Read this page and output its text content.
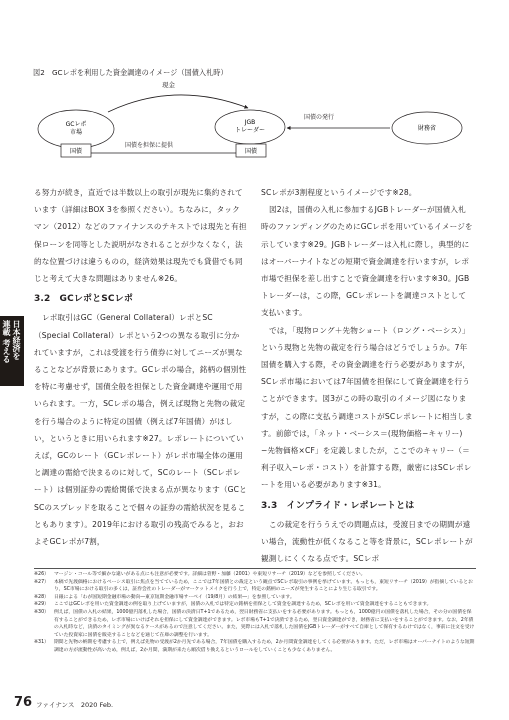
図2　GCレポを利用した資金調達のイメージ（国債入札時）
現金
GCレポ
市場
JGB
トレーダー	財務省
国債の発行
国債を担保に提供
国債	国債

る努力が続き，直近では半数以上の取引が現先に集約されています（詳細はBOX 3を参照ください）。ちなみに，タックマン（2012）などのファイナンスのテキストでは現先と有担保ローンを同等とした説明がなされることが少なくなく，法的な位置づけは違うものの，経済効果は現先でも貸借でも同じと考えて大きな問題はありません※26。

3.2　GCレポとSCレポ

レポ取引はGC（General Collateral）レポとSC（Special Collateral）レポという2つの異なる取引に分かれていますが，これは受渡を行う債券に対してニーズが異なることなどが背景にあります。GCレポの場合，銘柄の個別性を特に考慮せず，国債全般を担保とした資金調達や運用で用いられます。一方，SCレポの場合，例えば現物と先物の裁定を行う場合のように特定の国債（例えば7年国債）がほしい，というときに用いられます※27。レポレートについていえば，GCのレート（GCレポレート）がレポ市場全体の運用と調達の需給で決まるのに対して，SCのレート（SCレポレート）は個別証券の需給関係で決まる点が異なります（GCとSCのスプレッドを取ることで個々の証券の需給状況を見ることもあります）。2019年における取引の残高でみると，おおよそGCレポが7割，

SCレポが3割程度というイメージです※28。

図2は，国債の入札に参加するJGBトレーダーが国債入札時のファンディングのためにGCレポを用いているイメージを示しています※29。JGBトレーダーは入札に際し，典型的にはオーバーナイトなどの短期で資金調達を行いますが，レポ市場で担保を差し出すことで資金調達を行います※30。JGBトレーダーは，この際，GCレポレートを調達コストとして支払います。

では，「現物ロング＋先物ショート（ロング・ベーシス）」という現物と先物の裁定を行う場合はどうでしょうか。7年国債を購入する際，その資金調達を行う必要がありますが，SCレポ市場においては7年国債を担保にして資金調達を行うことができます。図3がこの時の取引のイメージ図になりますが，この際に支払う調達コストがSCレポレートに相当します。前節では，「ネット・ベーシス＝(現物価格−キャリー)−先物価格×CF」を定義しましたが，ここでのキャリー（＝利子収入−レポ・コスト）を計算する際，厳密にはSCレポレートを用いる必要があります※31。

3.3　インプライド・レポレートとは

この裁定を行ううえでの問題点は，受渡日までの期間が遠い場合，流動性が低くなること等を背景に，SCレポレートが観測しにくくなる点です。SCレポ

※26）	マージン・コール等で細かな違いがある点にも注意が必要です。詳細は菅野・加藤（2001）や東短リサーチ（2019）などを参照してください。
※27）	本稿で先渡価格におけるベーシス取引に焦点を当てているため，ここでは7年国債との裁定という観点でSCレポ取引の事例を挙げています。もっとも，東短リサーチ（2019）が指摘しているとおり，SC市場における取引の多くは，証券会社のトレーダーがマーケットメイクを行う上で，特定の銘柄のニーズが発生することにより生じる取引です。
※28）	日銀による「わが国短期金融市場の動向―東京短期金融市場サーベイ（19/8月）の結果―」を参照しています。
※29）	ここではGCレポを用いた資金調達の例を取り上げていますが，国債の入札では特定の銘柄を担保として資金を調達するため，SCレポを用いて資金調達をすることもできます。
※30）	例えば，国債の入札の結果，1000億円落札した場合，国債の決済日T+1であるため，翌日財務省に支払いをする必要があります。もっとも，1000億円の国債を落札した場合，その分の国債を保有することができるため，レポ市場にいけばそれを担保にして資金調達ができます。レポ市場もT+1で決済できるため，翌日資金調達ができ，財務省に支払いをすることができます。なお，2年債の入札時など，決済のタイミングが異なるケースがあるので注意してください。また，実際には入札で落札した国債をJGBトレーダーがすべて自庫として保有するわけではなく，事前に注文を受けていた投資家に国債を販売することなどを通じて在庫の調整を行います。
※31）	期間と先物の納期を考慮する上で，例えば先物の受渡が2か月先である場合，7年国債を購入するため，2か月間資金調達をしてくる必要があります。ただ，レポ市場はオーバーナイトのような短期調達の方が流動性が高いため，例えば，2か月間，満期が来たら順次借り換えるというロールをしていくことも少なくありません。
日本経済を
連載 考える
76 ファイナンス　2020 Feb.
